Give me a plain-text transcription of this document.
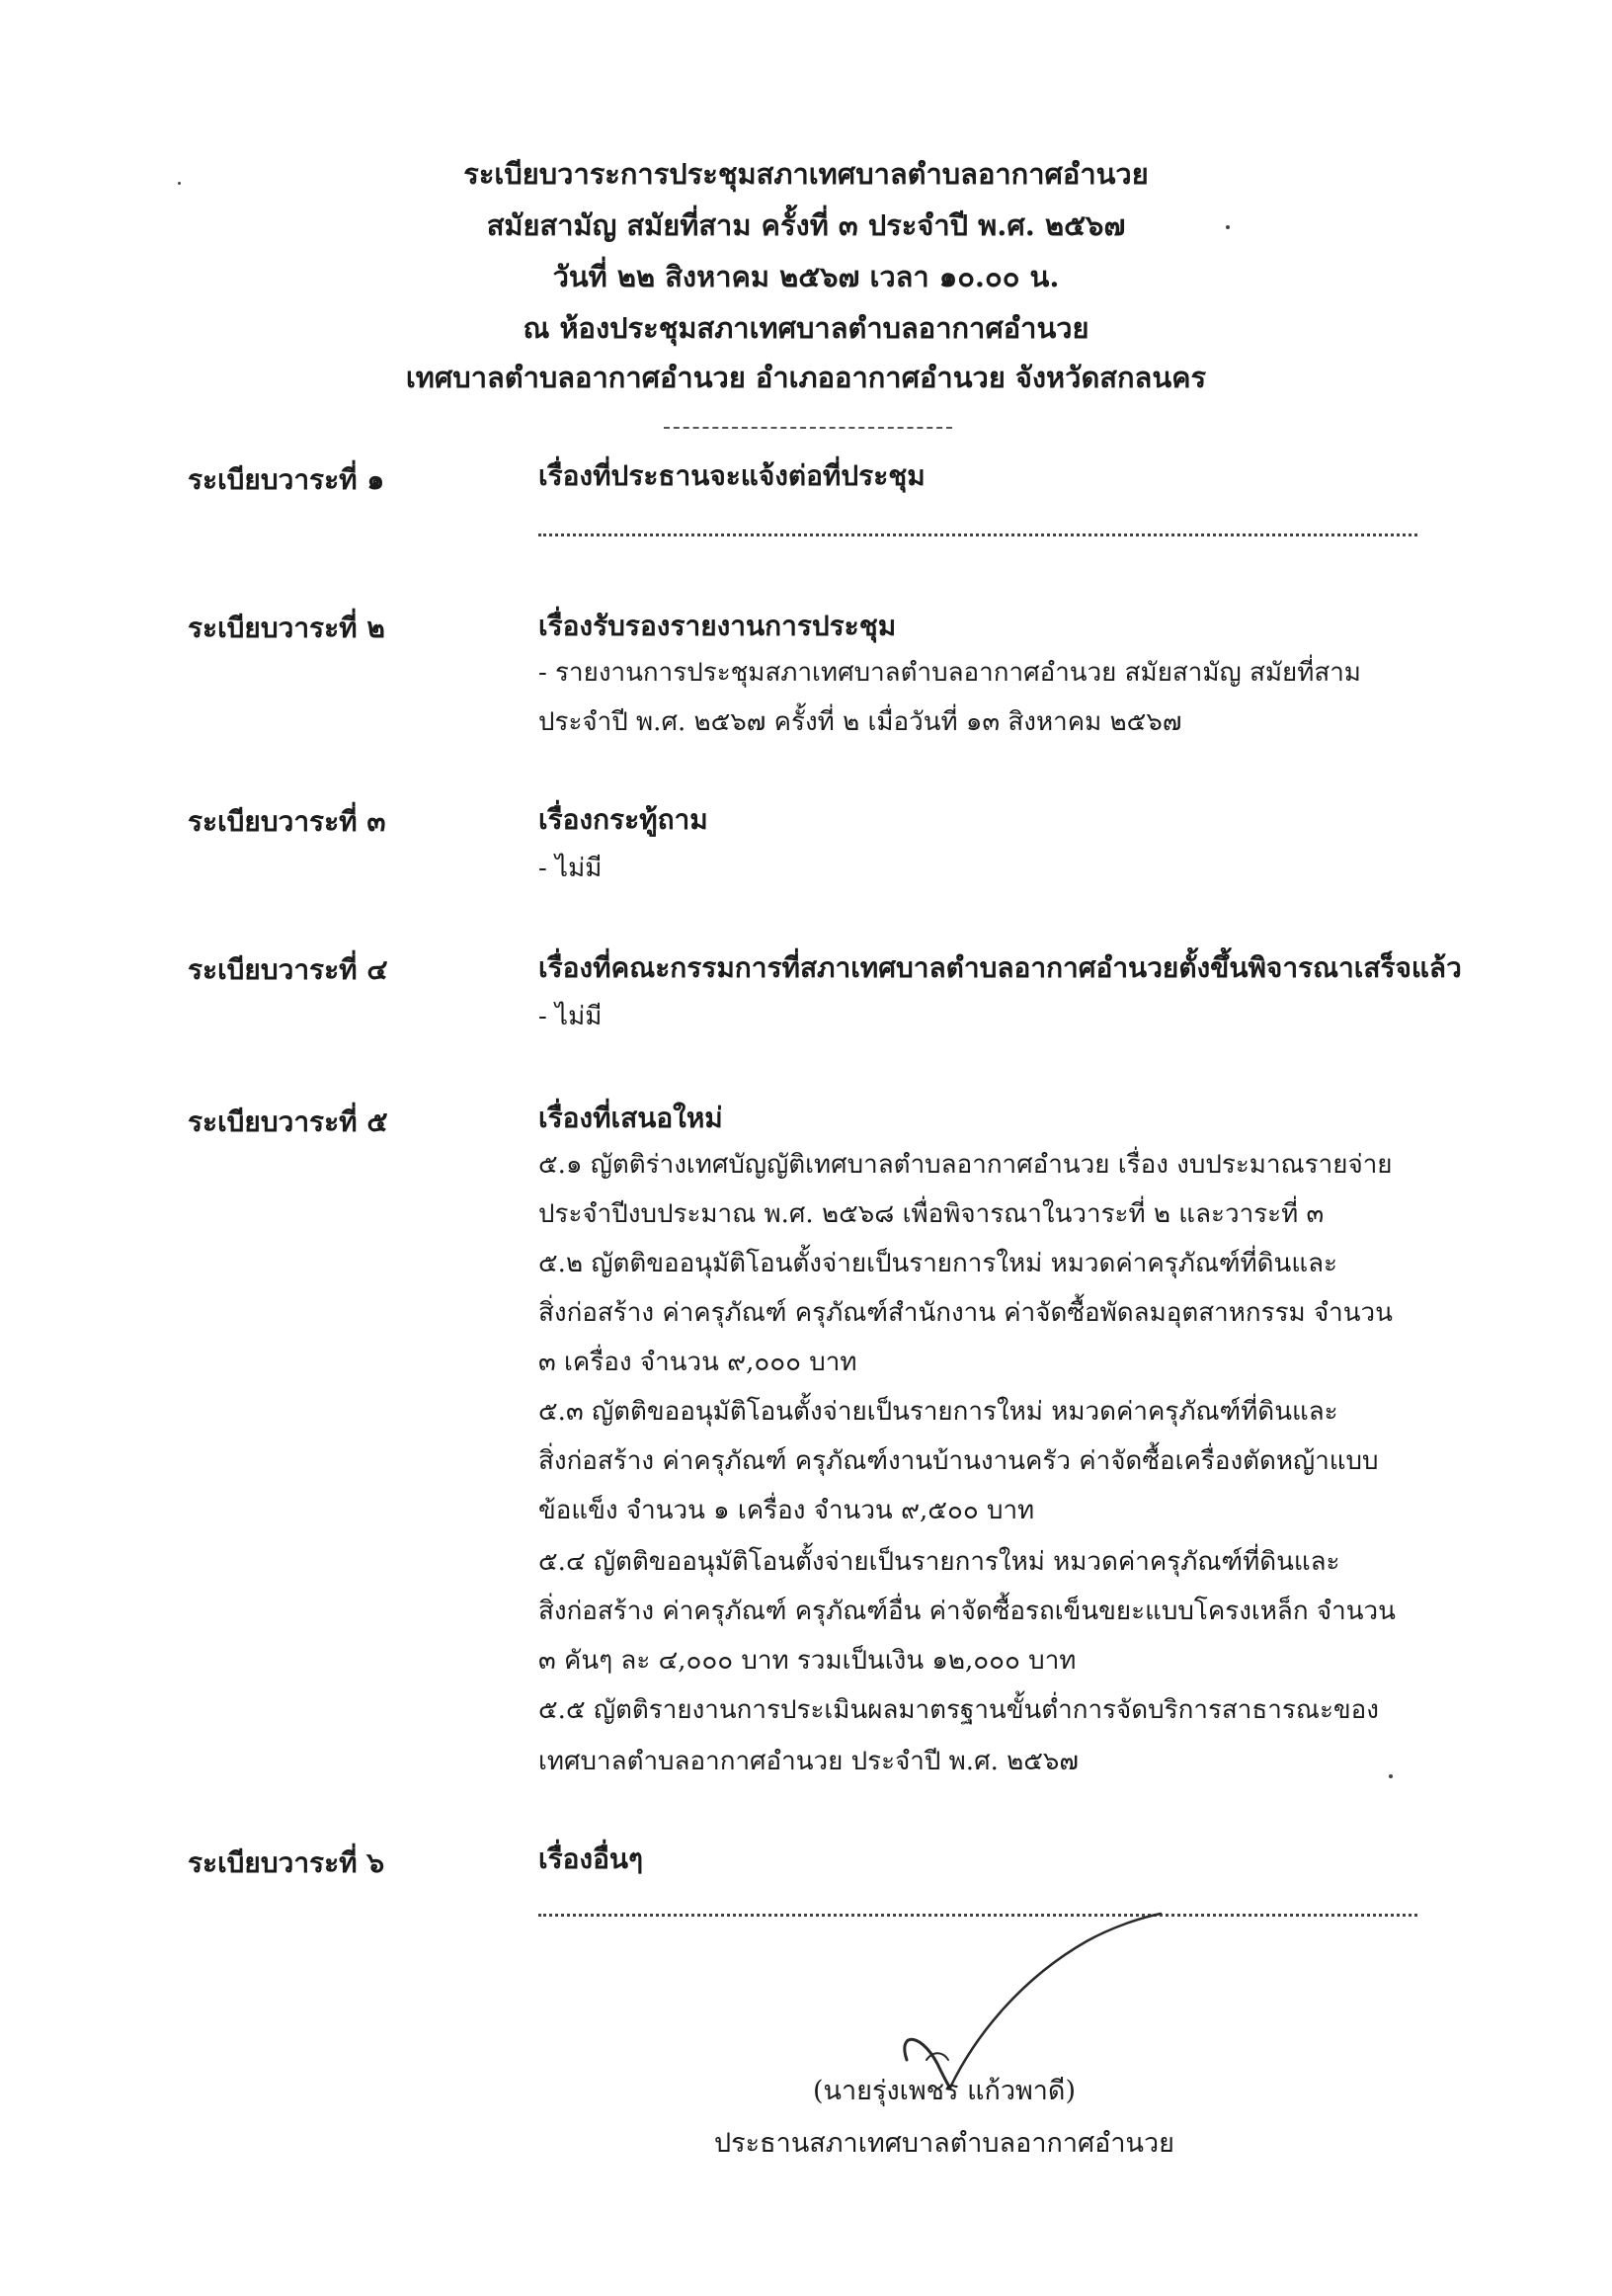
ระเบียบวาระการประชุมสภาเทศบาลตำบลอากาศอำนวย
สมัยสามัญ สมัยที่สาม ครั้งที่ ๓ ประจำปี พ.ศ. ๒๕๖๗
วันที่ ๒๒ สิงหาคม ๒๕๖๗ เวลา ๑๐.๐๐ น.
ณ ห้องประชุมสภาเทศบาลตำบลอากาศอำนวย
เทศบาลตำบลอากาศอำนวย อำเภออากาศอำนวย จังหวัดสกลนคร
ระเบียบวาระที่ ๑	เรื่องที่ประธานจะแจ้งต่อที่ประชุม
ระเบียบวาระที่ ๒	เรื่องรับรองรายงานการประชุม
- รายงานการประชุมสภาเทศบาลตำบลอากาศอำนวย สมัยสามัญ สมัยที่สาม
ประจำปี พ.ศ. ๒๕๖๗ ครั้งที่ ๒ เมื่อวันที่ ๑๓ สิงหาคม ๒๕๖๗
ระเบียบวาระที่ ๓	เรื่องกระทู้ถาม
- ไม่มี
ระเบียบวาระที่ ๔	เรื่องที่คณะกรรมการที่สภาเทศบาลตำบลอากาศอำนวยตั้งขึ้นพิจารณาเสร็จแล้ว
- ไม่มี
ระเบียบวาระที่ ๕	เรื่องที่เสนอใหม่
๕.๑ ญัตติร่างเทศบัญญัติเทศบาลตำบลอากาศอำนวย เรื่อง งบประมาณรายจ่าย
ประจำปีงบประมาณ พ.ศ. ๒๕๖๘ เพื่อพิจารณาในวาระที่ ๒ และวาระที่ ๓
๕.๒ ญัตติขออนุมัติโอนตั้งจ่ายเป็นรายการใหม่ หมวดค่าครุภัณฑ์ที่ดินและ
สิ่งก่อสร้าง ค่าครุภัณฑ์ ครุภัณฑ์สำนักงาน ค่าจัดซื้อพัดลมอุตสาหกรรม จำนวน
๓ เครื่อง จำนวน ๙,๐๐๐ บาท
๕.๓ ญัตติขออนุมัติโอนตั้งจ่ายเป็นรายการใหม่ หมวดค่าครุภัณฑ์ที่ดินและ
สิ่งก่อสร้าง ค่าครุภัณฑ์ ครุภัณฑ์งานบ้านงานครัว ค่าจัดซื้อเครื่องตัดหญ้าแบบ
ข้อแข็ง จำนวน ๑ เครื่อง จำนวน ๙,๕๐๐ บาท
๕.๔ ญัตติขออนุมัติโอนตั้งจ่ายเป็นรายการใหม่ หมวดค่าครุภัณฑ์ที่ดินและ
สิ่งก่อสร้าง ค่าครุภัณฑ์ ครุภัณฑ์อื่น ค่าจัดซื้อรถเข็นขยะแบบโครงเหล็ก จำนวน
๓ คันๆ ละ ๔,๐๐๐ บาท รวมเป็นเงิน ๑๒,๐๐๐ บาท
๕.๕ ญัตติรายงานการประเมินผลมาตรฐานขั้นต่ำการจัดบริการสาธารณะของ
เทศบาลตำบลอากาศอำนวย ประจำปี พ.ศ. ๒๕๖๗
ระเบียบวาระที่ ๖	เรื่องอื่นๆ
(นายรุ่งเพชร แก้วพาดี)
ประธานสภาเทศบาลตำบลอากาศอำนวย
